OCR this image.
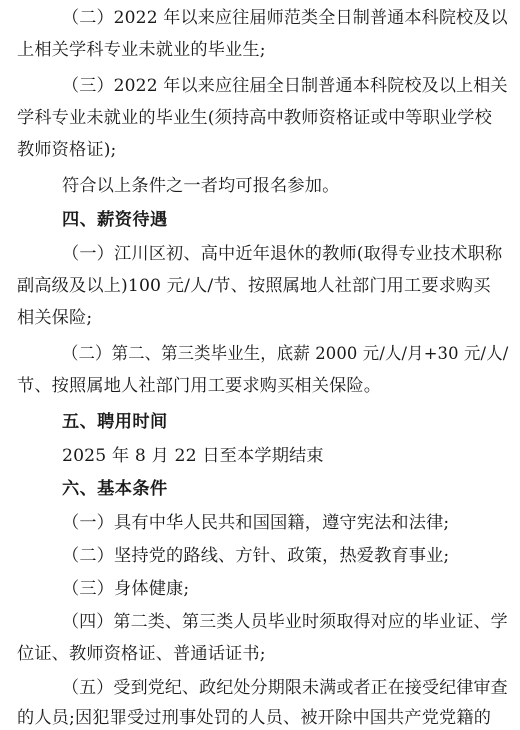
（二）2022 年以来应往届师范类全日制普通本科院校及以
上相关学科专业未就业的毕业生;
（三）2022 年以来应往届全日制普通本科院校及以上相关
学科专业未就业的毕业生(须持高中教师资格证或中等职业学校
教师资格证);
符合以上条件之一者均可报名参加。
四、薪资待遇
（一）江川区初、高中近年退休的教师(取得专业技术职称
副高级及以上)100 元/人/节、按照属地人社部门用工要求购买
相关保险;
（二）第二、第三类毕业生，底薪 2000 元/人/月+30 元/人/
节、按照属地人社部门用工要求购买相关保险。
五、聘用时间
2025 年 8 月 22 日至本学期结束
六、基本条件
（一）具有中华人民共和国国籍，遵守宪法和法律;
（二）坚持党的路线、方针、政策，热爱教育事业;
（三）身体健康;
（四）第二类、第三类人员毕业时须取得对应的毕业证、学
位证、教师资格证、普通话证书;
（五）受到党纪、政纪处分期限未满或者正在接受纪律审查
的人员;因犯罪受过刑事处罚的人员、被开除中国共产党党籍的
